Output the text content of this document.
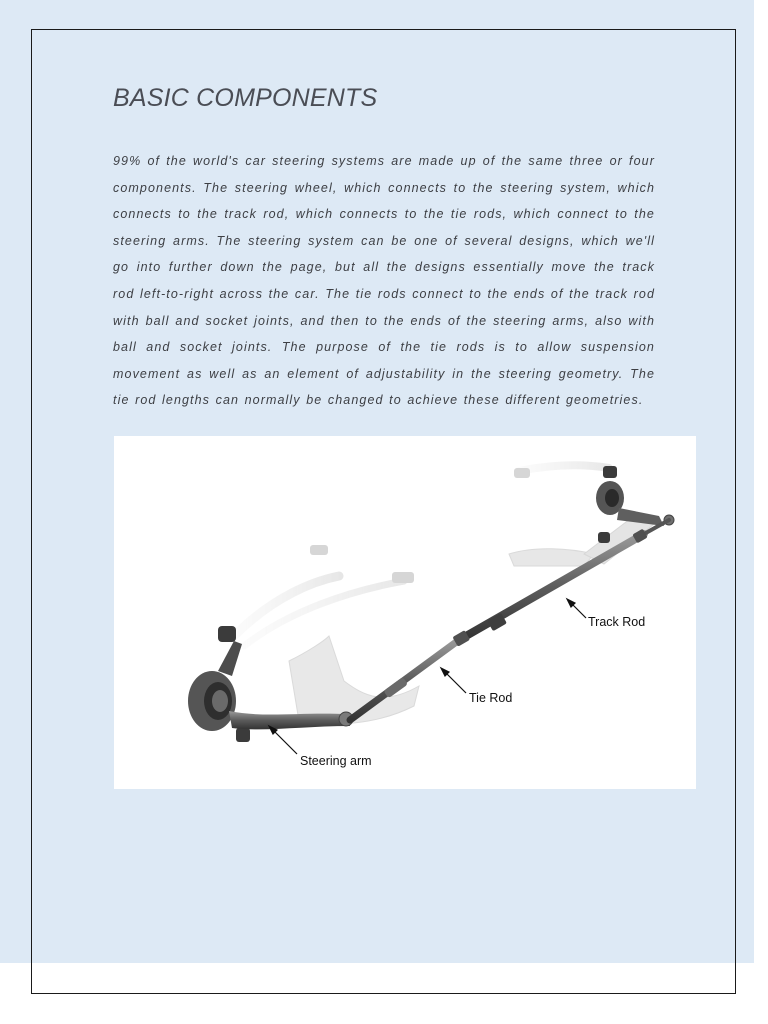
BASIC COMPONENTS

99% of the world's car steering systems are made up of the same three or four components. The steering wheel, which connects to the steering system, which connects to the track rod, which connects to the tie rods, which connect to the steering arms. The steering system can be one of several designs, which we'll go into further down the page, but all the designs essentially move the track rod left-to-right across the car. The tie rods connect to the ends of the track rod with ball and socket joints, and then to the ends of the steering arms, also with ball and socket joints. The purpose of the tie rods is to allow suspension movement as well as an element of adjustability in the steering geometry. The tie rod lengths can normally be changed to achieve these different geometries.

Track Rod
Tie Rod
Steering arm
